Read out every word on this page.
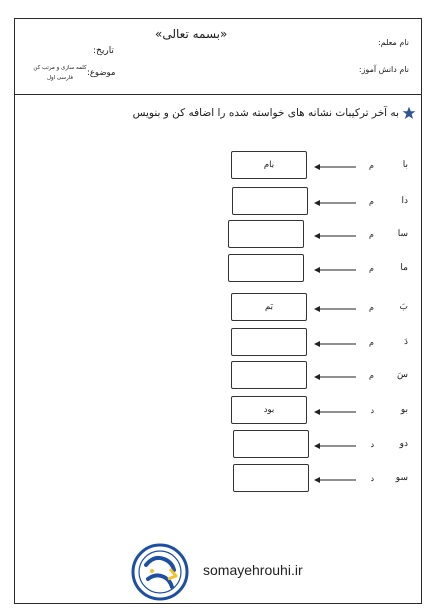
«بسمه تعالی»
نام معلم:
نام دانش آموز:
تاریخ:
موضوع:
کلمه سازی و مرتب کن
فارسی اول
به آخر ترکیبات نشانه های خواسته شده را اضافه کن و بنویس
با
م
بام
دا
م
سا
م
ما
م
بَ
م
بَم
دَ
م
سَ
م
بو
د
بود
دو
د
سو
د
somayehrouhi.ir
